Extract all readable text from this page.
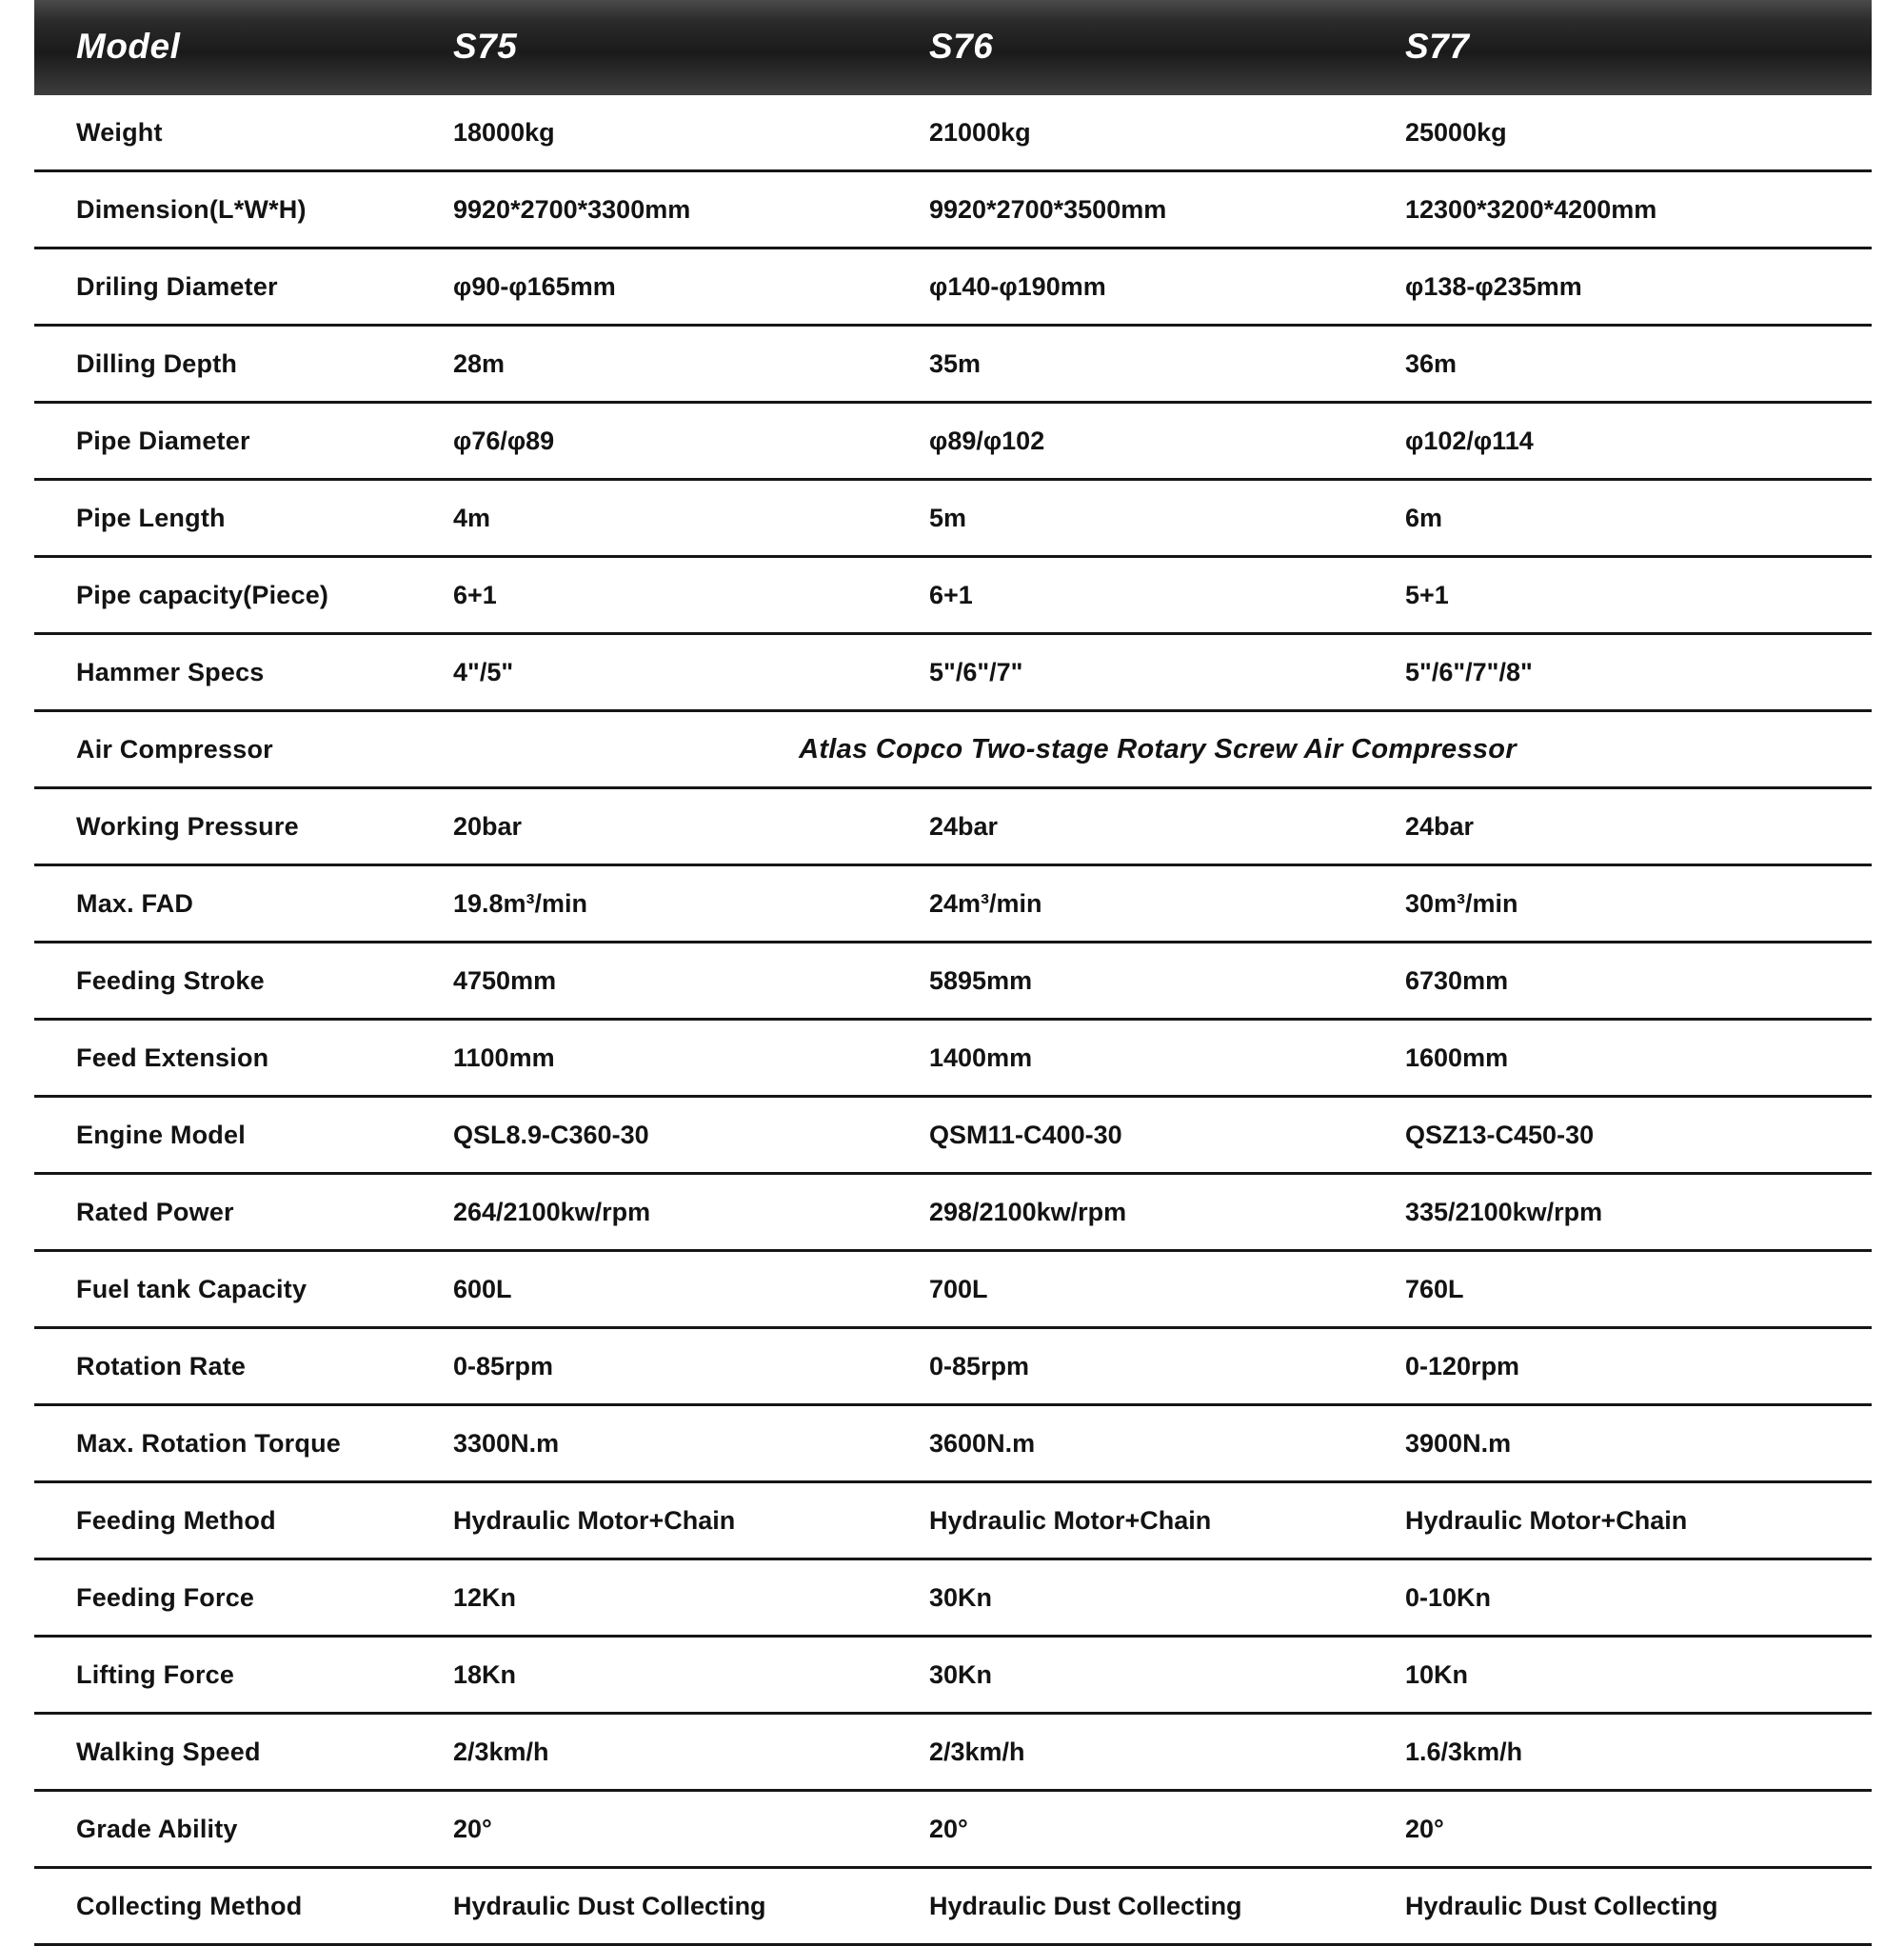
Model	S75	S76	S77
Weight	18000kg	21000kg	25000kg
Dimension(L*W*H)	9920*2700*3300mm	9920*2700*3500mm	12300*3200*4200mm
Driling Diameter	φ90-φ165mm	φ140-φ190mm	φ138-φ235mm
Dilling Depth	28m	35m	36m
Pipe Diameter	φ76/φ89	φ89/φ102	φ102/φ114
Pipe Length	4m	5m	6m
Pipe capacity(Piece)	6+1	6+1	5+1
Hammer Specs	4"/5"	5"/6"/7"	5"/6"/7"/8"
Air Compressor	Atlas Copco Two-stage Rotary Screw Air Compressor		
Working Pressure	20bar	24bar	24bar
Max. FAD	19.8m³/min	24m³/min	30m³/min
Feeding Stroke	4750mm	5895mm	6730mm
Feed Extension	1100mm	1400mm	1600mm
Engine Model	QSL8.9-C360-30	QSM11-C400-30	QSZ13-C450-30
Rated Power	264/2100kw/rpm	298/2100kw/rpm	335/2100kw/rpm
Fuel tank Capacity	600L	700L	760L
Rotation Rate	0-85rpm	0-85rpm	0-120rpm
Max. Rotation Torque	3300N.m	3600N.m	3900N.m
Feeding Method	Hydraulic Motor+Chain	Hydraulic Motor+Chain	Hydraulic Motor+Chain
Feeding Force	12Kn	30Kn	0-10Kn
Lifting Force	18Kn	30Kn	10Kn
Walking Speed	2/3km/h	2/3km/h	1.6/3km/h
Grade Ability	20°	20°	20°
Collecting Method	Hydraulic Dust Collecting	Hydraulic Dust Collecting	Hydraulic Dust Collecting
